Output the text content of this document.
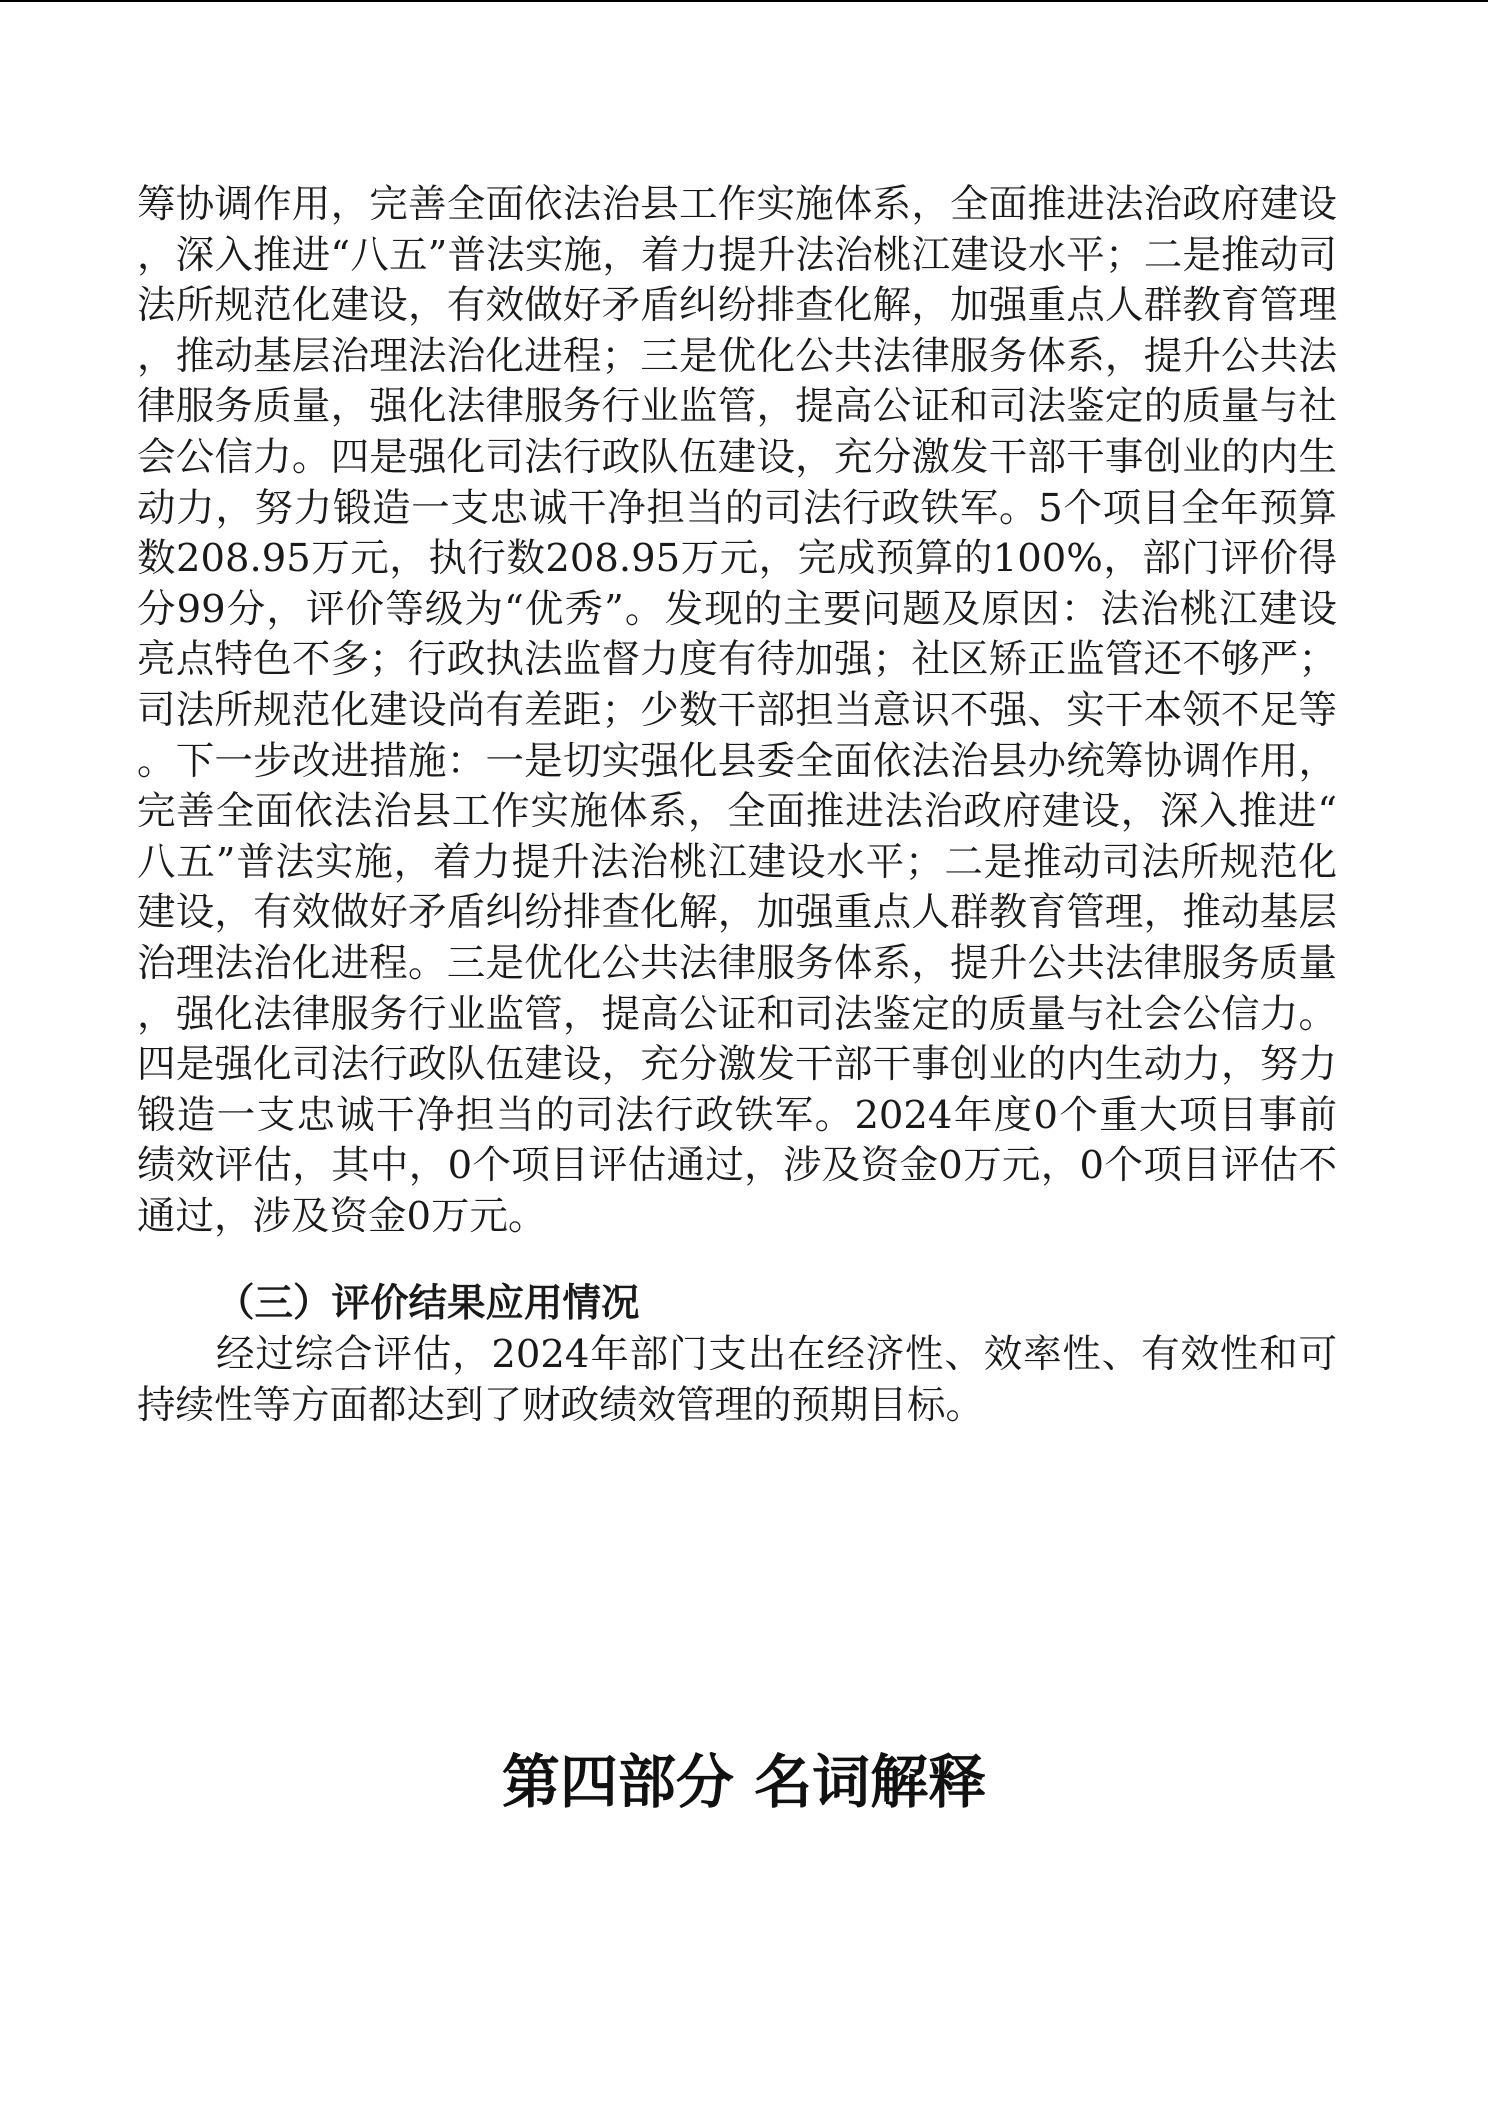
筹协调作用，完善全面依法治县工作实施体系，全面推进法治政府建设，深入推进“八五”普法实施，着力提升法治桃江建设水平；二是推动司法所规范化建设，有效做好矛盾纠纷排查化解，加强重点人群教育管理，推动基层治理法治化进程；三是优化公共法律服务体系，提升公共法律服务质量，强化法律服务行业监管，提高公证和司法鉴定的质量与社会公信力。四是强化司法行政队伍建设，充分激发干部干事创业的内生动力，努力锻造一支忠诚干净担当的司法行政铁军。5个项目全年预算数208.95万元，执行数208.95万元，完成预算的100%，部门评价得分99分，评价等级为“优秀”。发现的主要问题及原因：法治桃江建设亮点特色不多；行政执法监督力度有待加强；社区矫正监管还不够严；司法所规范化建设尚有差距；少数干部担当意识不强、实干本领不足等。下一步改进措施：一是切实强化县委全面依法治县办统筹协调作用，完善全面依法治县工作实施体系，全面推进法治政府建设，深入推进“八五”普法实施，着力提升法治桃江建设水平；二是推动司法所规范化建设，有效做好矛盾纠纷排查化解，加强重点人群教育管理，推动基层治理法治化进程。三是优化公共法律服务体系，提升公共法律服务质量，强化法律服务行业监管，提高公证和司法鉴定的质量与社会公信力。四是强化司法行政队伍建设，充分激发干部干事创业的内生动力，努力锻造一支忠诚干净担当的司法行政铁军。2024年度0个重大项目事前绩效评估，其中，0个项目评估通过，涉及资金0万元，0个项目评估不通过，涉及资金0万元。

（三）评价结果应用情况

经过综合评估，2024年部门支出在经济性、效率性、有效性和可持续性等方面都达到了财政绩效管理的预期目标。

第四部分 名词解释
